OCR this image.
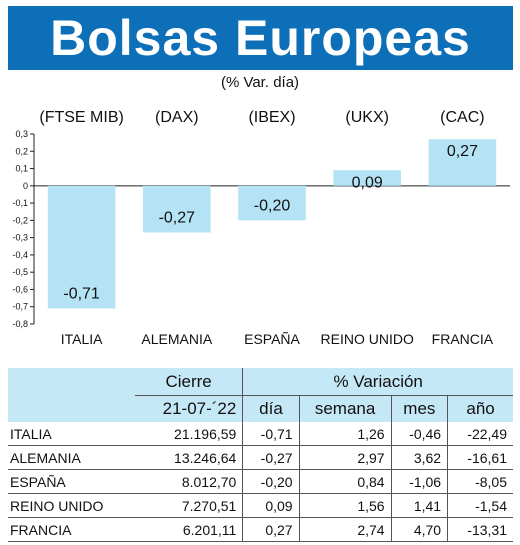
Bolsas Europeas
(% Var. día)
0,3
0,2
0,1
0
-0,1
-0,2
-0,3
-0,4
-0,5
-0,6
-0,7
-0,8
-0,71
(FTSE MIB)
ITALIA
-0,27
(DAX)
ALEMANIA
-0,20
(IBEX)
ESPAÑA
0,09
(UKX)
REINO UNIDO
0,27
(CAC)
FRANCIA
	Cierre	% Variación			
	21-07-´22	día	semana	mes	año
ITALIA	21.196,59	-0,71	1,26	-0,46	-22,49
ALEMANIA	13.246,64	-0,27	2,97	3,62	-16,61
ESPAÑA	8.012,70	-0,20	0,84	-1,06	-8,05
REINO UNIDO	7.270,51	0,09	1,56	1,41	-1,54
FRANCIA	6.201,11	0,27	2,74	4,70	-13,31
